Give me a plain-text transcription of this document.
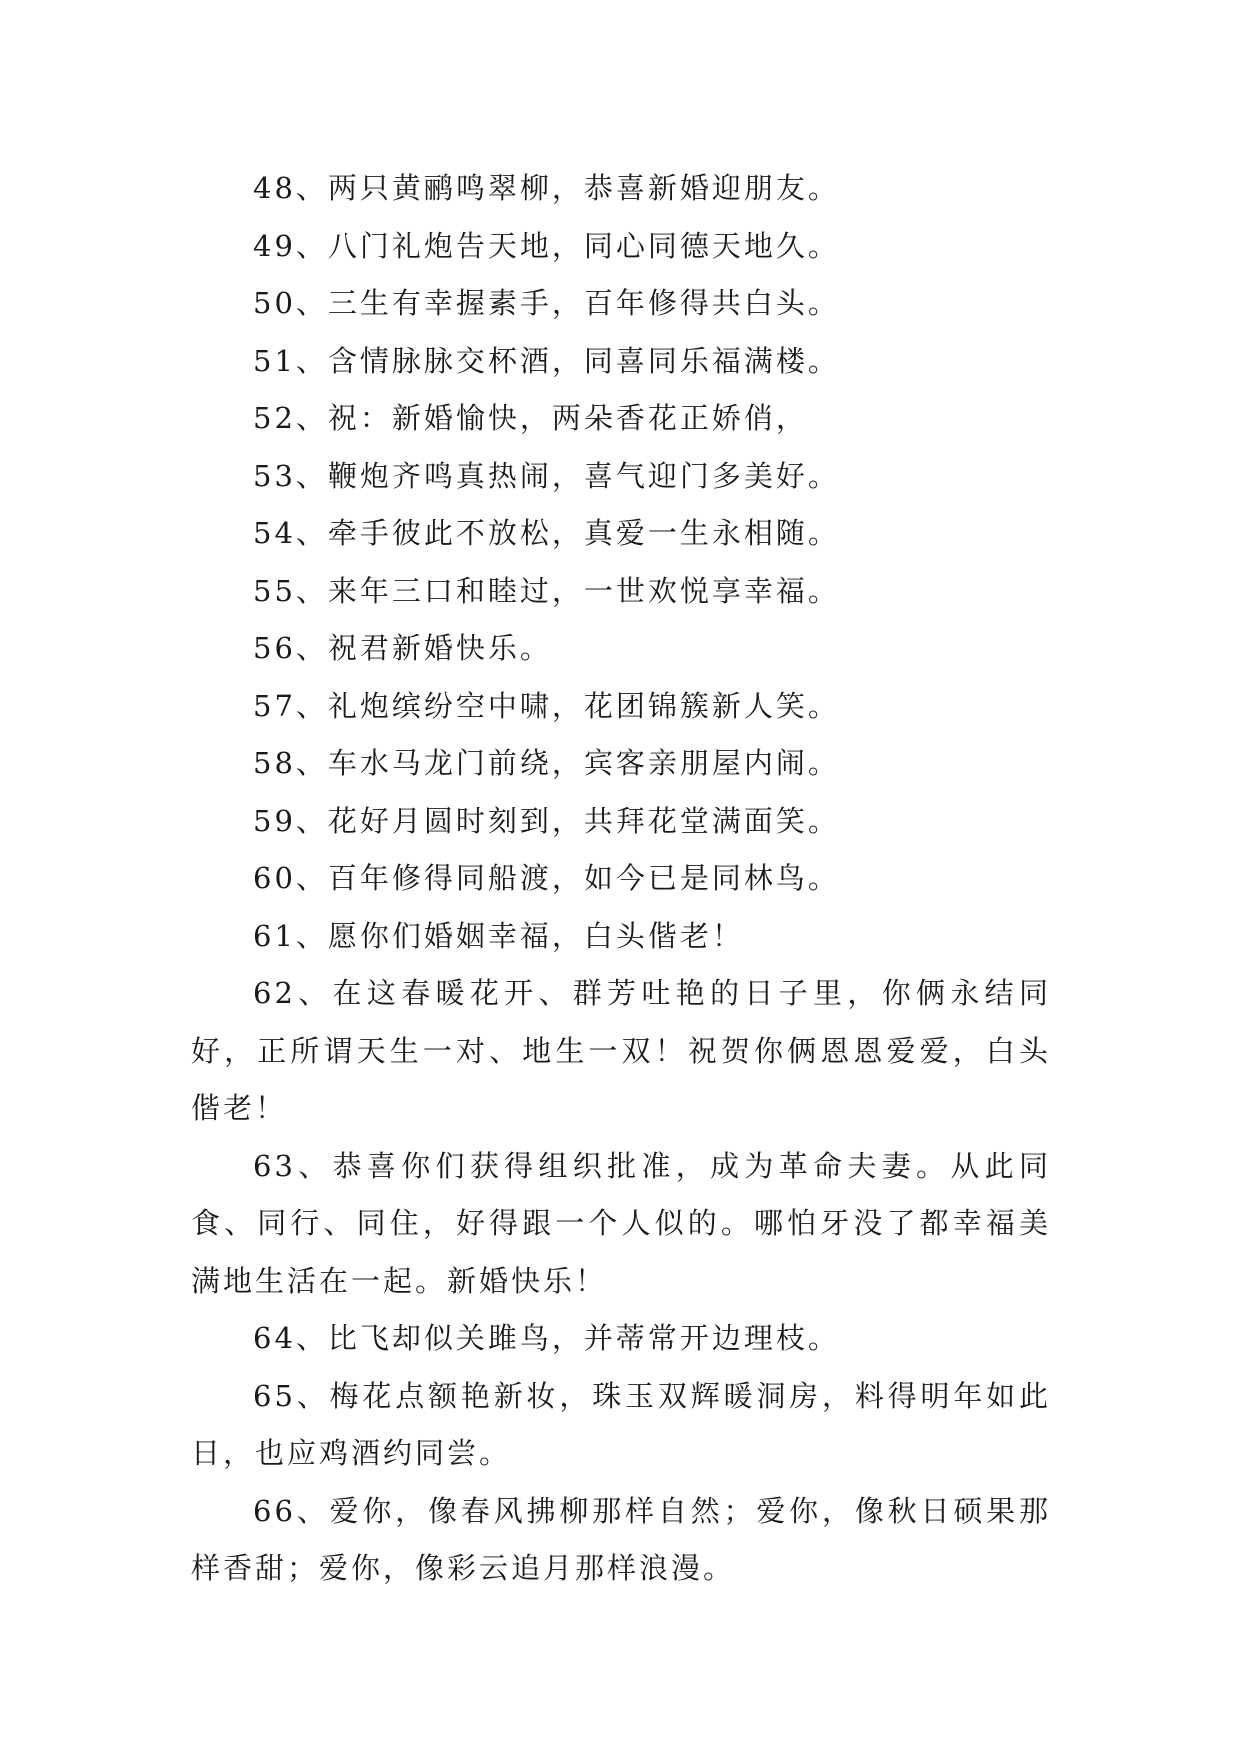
48、两只黄鹂鸣翠柳，恭喜新婚迎朋友。

49、八门礼炮告天地，同心同德天地久。

50、三生有幸握素手，百年修得共白头。

51、含情脉脉交杯酒，同喜同乐福满楼。

52、祝：新婚愉快，两朵香花正娇俏，

53、鞭炮齐鸣真热闹，喜气迎门多美好。

54、牵手彼此不放松，真爱一生永相随。

55、来年三口和睦过，一世欢悦享幸福。

56、祝君新婚快乐。

57、礼炮缤纷空中啸，花团锦簇新人笑。

58、车水马龙门前绕，宾客亲朋屋内闹。

59、花好月圆时刻到，共拜花堂满面笑。

60、百年修得同船渡，如今已是同林鸟。

61、愿你们婚姻幸福，白头偕老！

62、在这春暖花开、群芳吐艳的日子里，你俩永结同好，正所谓天生一对、地生一双！祝贺你俩恩恩爱爱，白头偕老！

63、恭喜你们获得组织批准，成为革命夫妻。从此同食、同行、同住，好得跟一个人似的。哪怕牙没了都幸福美满地生活在一起。新婚快乐！

64、比飞却似关雎鸟，并蒂常开边理枝。

65、梅花点额艳新妆，珠玉双辉暖洞房，料得明年如此日，也应鸡酒约同尝。

66、爱你，像春风拂柳那样自然；爱你，像秋日硕果那样香甜；爱你，像彩云追月那样浪漫。
